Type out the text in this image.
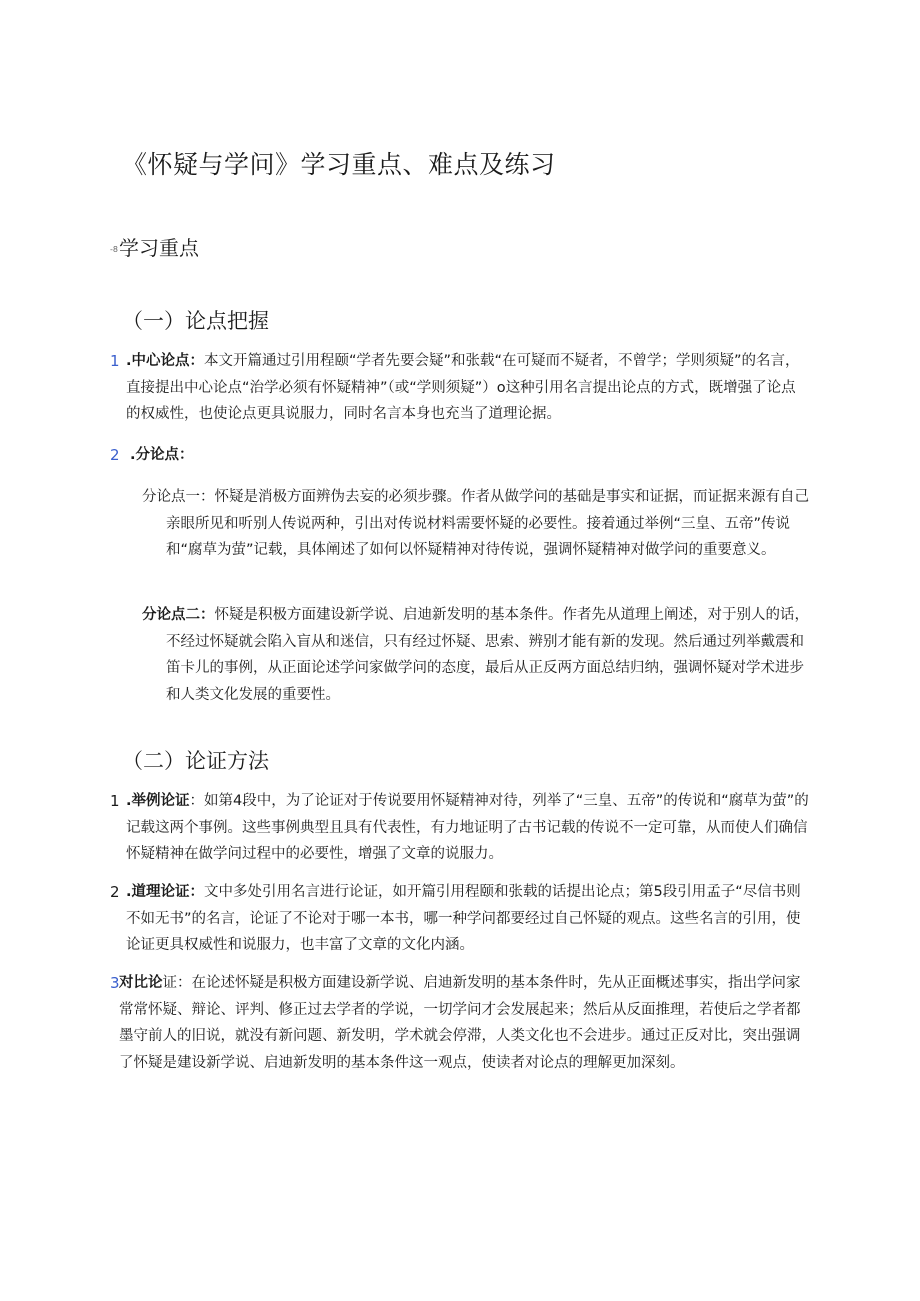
《怀疑与学问》学习重点、难点及练习
-8学习重点
（一）论点把握
1 .中心论点：本文开篇通过引用程颐“学者先要会疑”和张载“在可疑而不疑者，不曾学；学则须疑”的名言，直接提出中心论点“治学必须有怀疑精神”（或“学则须疑”）o这种引用名言提出论点的方式，既增强了论点的权威性，也使论点更具说服力，同时名言本身也充当了道理论据。
2 .分论点：
分论点一：怀疑是消极方面辨伪去妄的必须步骤。作者从做学问的基础是事实和证据，而证据来源有自己亲眼所见和听别人传说两种，引出对传说材料需要怀疑的必要性。接着通过举例“三皇、五帝”传说和“腐草为萤”记载，具体阐述了如何以怀疑精神对待传说，强调怀疑精神对做学问的重要意义。
分论点二：怀疑是积极方面建设新学说、启迪新发明的基本条件。作者先从道理上阐述，对于别人的话，不经过怀疑就会陷入盲从和迷信，只有经过怀疑、思索、辨别才能有新的发现。然后通过列举戴震和笛卡儿的事例，从正面论述学问家做学问的态度，最后从正反两方面总结归纳，强调怀疑对学术进步和人类文化发展的重要性。
（二）论证方法
1 .举例论证：如第4段中，为了论证对于传说要用怀疑精神对待，列举了“三皇、五帝”的传说和“腐草为萤”的记载这两个事例。这些事例典型且具有代表性，有力地证明了古书记载的传说不一定可靠，从而使人们确信怀疑精神在做学问过程中的必要性，增强了文章的说服力。
2 .道理论证：文中多处引用名言进行论证，如开篇引用程颐和张载的话提出论点；第5段引用孟子“尽信书则不如无书”的名言，论证了不论对于哪一本书，哪一种学问都要经过自己怀疑的观点。这些名言的引用，使论证更具权威性和说服力，也丰富了文章的文化内涵。
3 对比论证：在论述怀疑是积极方面建设新学说、启迪新发明的基本条件时，先从正面概述事实，指出学问家常常怀疑、辩论、评判、修正过去学者的学说，一切学问才会发展起来；然后从反面推理，若使后之学者都墨守前人的旧说，就没有新问题、新发明，学术就会停滞，人类文化也不会进步。通过正反对比，突出强调了怀疑是建设新学说、启迪新发明的基本条件这一观点，使读者对论点的理解更加深刻。
